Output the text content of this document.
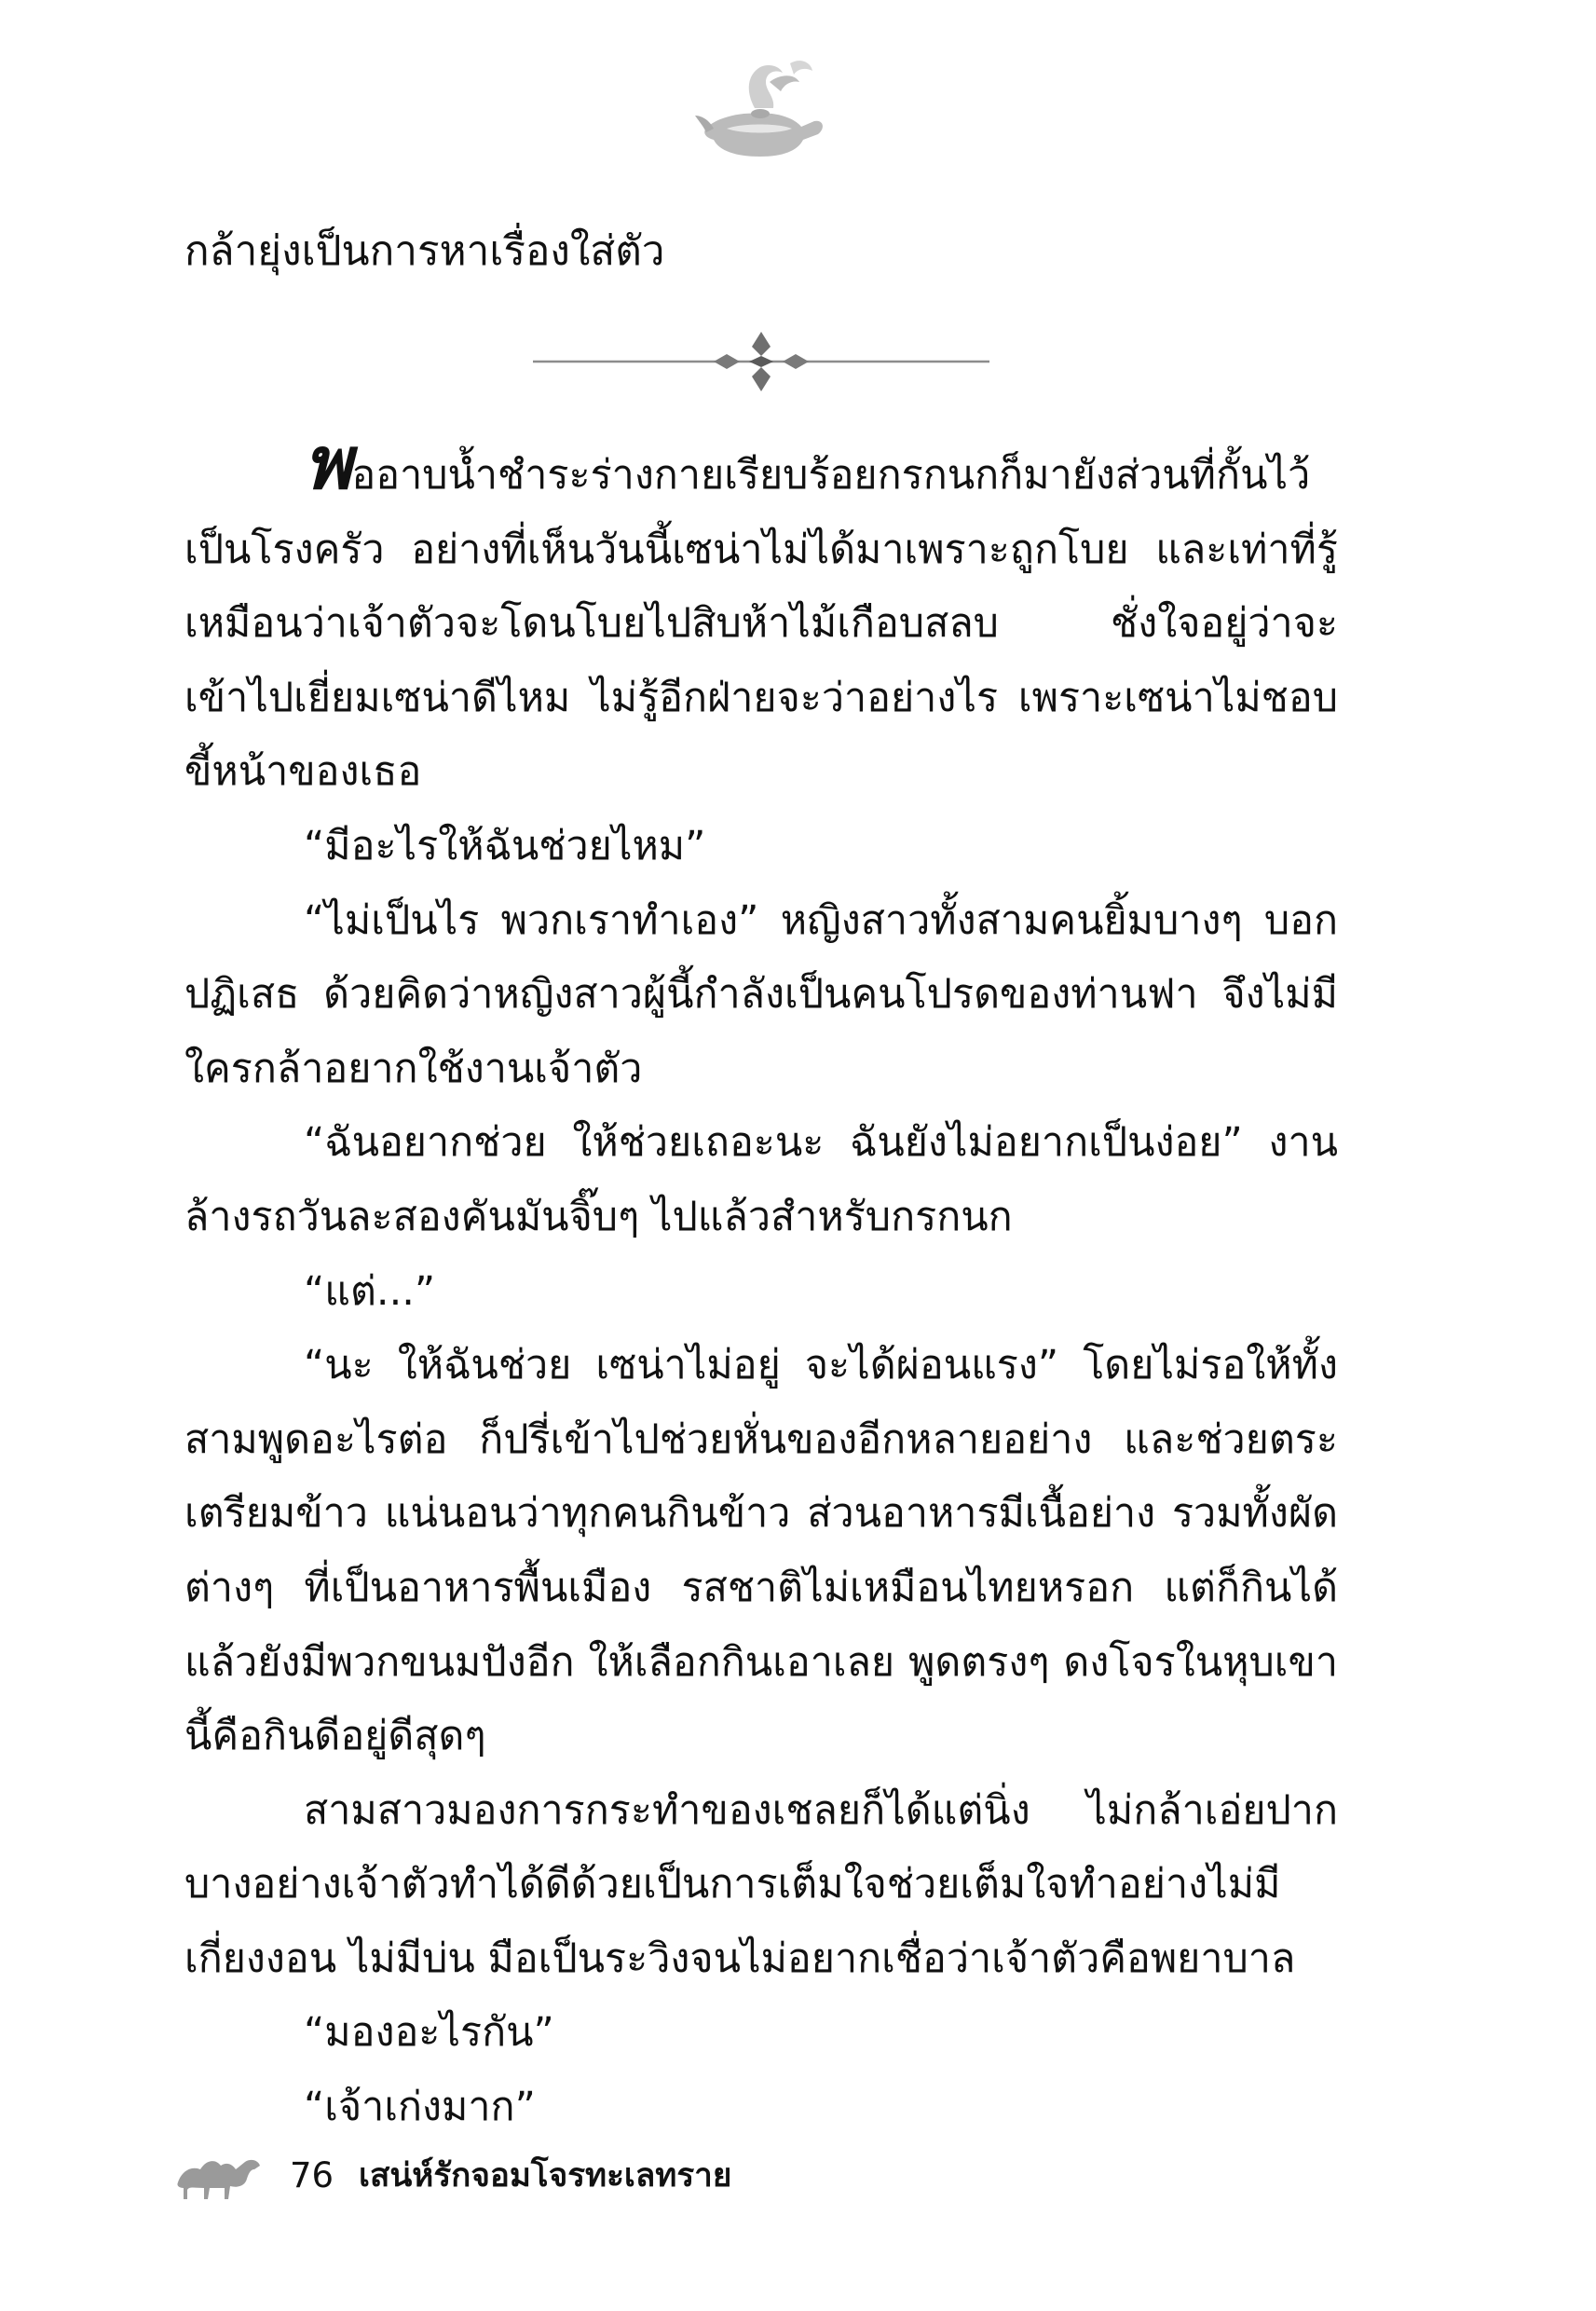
กล้ายุ่งเป็นการหาเรื่องใส่ตัว

พออาบน้ำชำระร่างกายเรียบร้อยกรกนกก็มายังส่วนที่กั้นไว้เป็นโรงครัว อย่างที่เห็นวันนี้เซน่าไม่ได้มาเพราะถูกโบย และเท่าที่รู้เหมือนว่าเจ้าตัวจะโดนโบยไปสิบห้าไม้เกือบสลบ ชั่งใจอยู่ว่าจะเข้าไปเยี่ยมเซน่าดีไหม ไม่รู้อีกฝ่ายจะว่าอย่างไร เพราะเซน่าไม่ชอบขี้หน้าของเธอ

“มีอะไรให้ฉันช่วยไหม”

“ไม่เป็นไร พวกเราทำเอง” หญิงสาวทั้งสามคนยิ้มบางๆ บอกปฏิเสธ ด้วยคิดว่าหญิงสาวผู้นี้กำลังเป็นคนโปรดของท่านฟา จึงไม่มีใครกล้าอยากใช้งานเจ้าตัว

“ฉันอยากช่วย ให้ช่วยเถอะนะ ฉันยังไม่อยากเป็นง่อย” งานล้างรถวันละสองคันมันจิ๊บๆ ไปแล้วสำหรับกรกนก

“แต่...”

“นะ ให้ฉันช่วย เซน่าไม่อยู่ จะได้ผ่อนแรง” โดยไม่รอให้ทั้งสามพูดอะไรต่อ ก็ปรี่เข้าไปช่วยหั่นของอีกหลายอย่าง และช่วยตระเตรียมข้าว แน่นอนว่าทุกคนกินข้าว ส่วนอาหารมีเนื้อย่าง รวมทั้งผัดต่างๆ ที่เป็นอาหารพื้นเมือง รสชาติไม่เหมือนไทยหรอก แต่ก็กินได้ แล้วยังมีพวกขนมปังอีก ให้เลือกกินเอาเลย พูดตรงๆ ดงโจรในหุบเขานี้คือกินดีอยู่ดีสุดๆ

สามสาวมองการกระทำของเชลยก็ได้แต่นิ่ง ไม่กล้าเอ่ยปาก บางอย่างเจ้าตัวทำได้ดีด้วยเป็นการเต็มใจช่วยเต็มใจทำอย่างไม่มีเกี่ยงงอน ไม่มีบ่น มือเป็นระวิงจนไม่อยากเชื่อว่าเจ้าตัวคือพยาบาล

“มองอะไรกัน”

“เจ้าเก่งมาก”

76 เสน่ห์รักจอมโจรทะเลทราย
